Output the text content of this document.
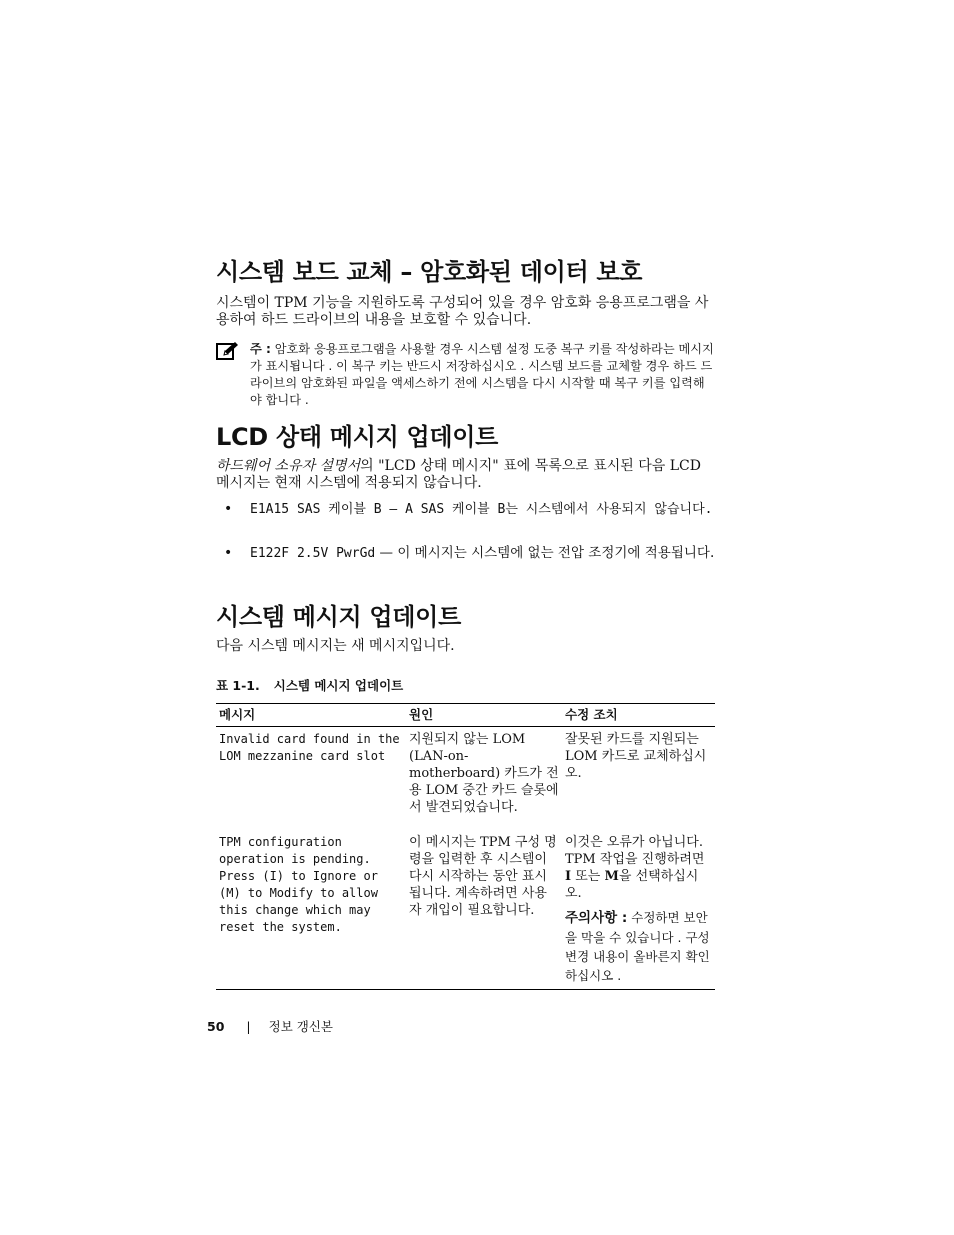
시스템 보드 교체 – 암호화된 데이터 보호

시스템이 TPM 기능을 지원하도록 구성되어 있을 경우 암호화 응용프로그램을 사용하여 하드 드라이브의 내용을 보호할 수 있습니다.

주 : 암호화 응용프로그램을 사용할 경우 시스템 설정 도중 복구 키를 작성하라는 메시지가 표시됩니다 . 이 복구 키는 반드시 저장하십시오 . 시스템 보드를 교체할 경우 하드 드라이브의 암호화된 파일을 액세스하기 전에 시스템을 다시 시작할 때 복구 키를 입력해야 합니다 .
LCD 상태 메시지 업데이트

하드웨어 소유자 설명서의 "LCD 상태 메시지" 표에 목록으로 표시된 다음 LCD 메시지는 현재 시스템에 적용되지 않습니다.

• E1A15 SAS 케이블 B — A SAS 케이블 B는 시스템에서 사용되지 않습니다.
• E122F 2.5V PwrGd — 이 메시지는 시스템에 없는 전압 조정기에 적용됩니다.
시스템 메시지 업데이트

다음 시스템 메시지는 새 메시지입니다.

표 1-1. 시스템 메시지 업데이트
메시지	원인	수정 조치
Invalid card found in the LOM mezzanine card slot	지원되지 않는 LOM (LAN-on-motherboard) 카드가 전용 LOM 중간 카드 슬롯에서 발견되었습니다.	잘못된 카드를 지원되는 LOM 카드로 교체하십시오.
TPM configuration operation is pending. Press (I) to Ignore or (M) to Modify to allow this change which may reset the system.	이 메시지는 TPM 구성 명령을 입력한 후 시스템이 다시 시작하는 동안 표시됩니다. 계속하려면 사용자 개입이 필요합니다.	이것은 오류가 아닙니다. TPM 작업을 진행하려면 I 또는 M을 선택하십시오.
주의사항 : 수정하면 보안을 막을 수 있습니다 . 구성 변경 내용이 올바른지 확인하십시오 .
50 | 정보 갱신본
